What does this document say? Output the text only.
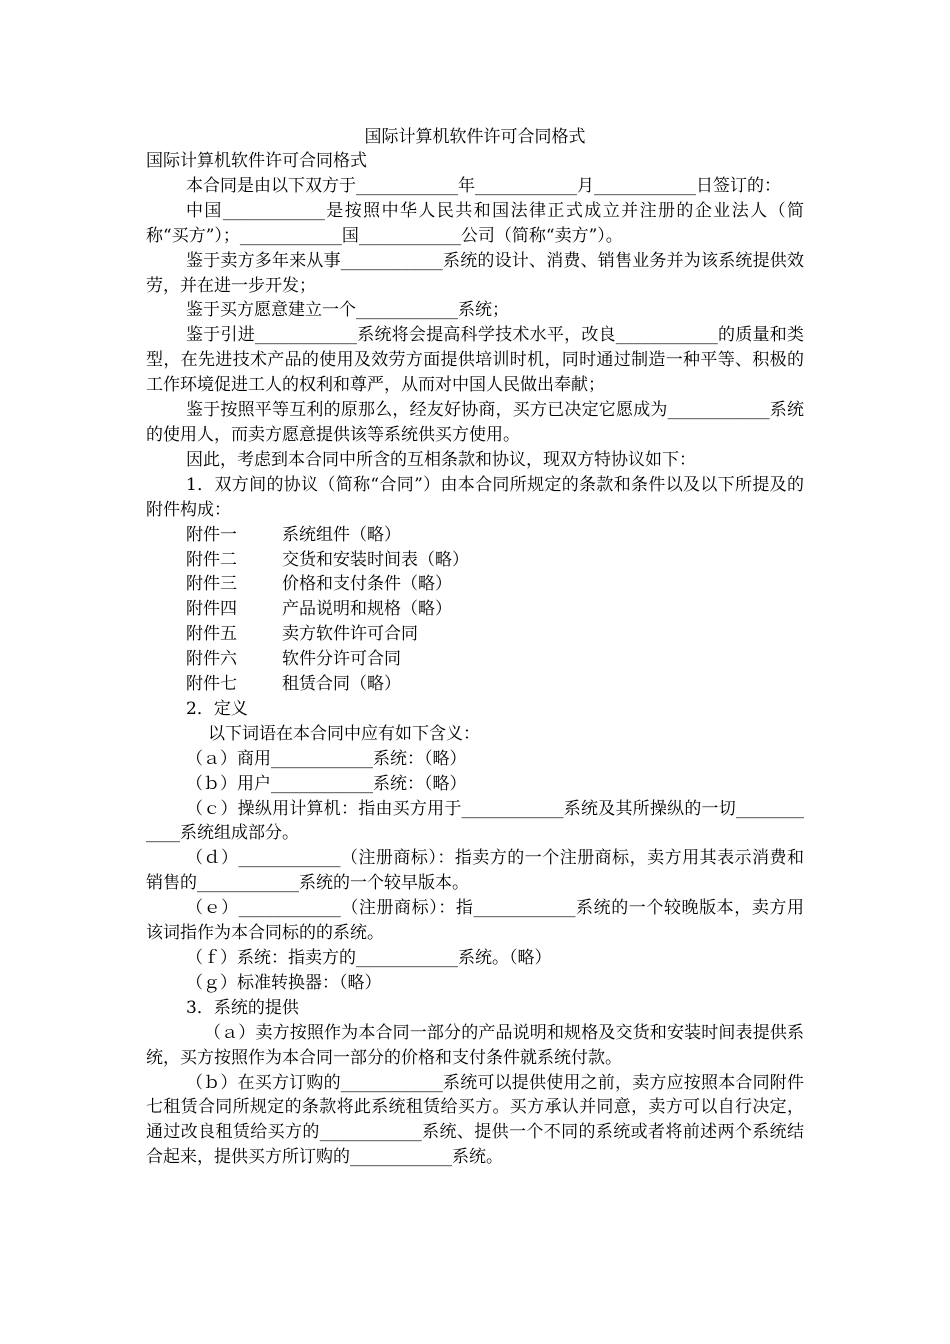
国际计算机软件许可合同格式

国际计算机软件许可合同格式

本合同是由以下双方于____________年____________月____________日签订的：

中国____________是按照中华人民共和国法律正式成立并注册的企业法人（简称“买方”）；____________国____________公司（简称“卖方”）。

鉴于卖方多年来从事____________系统的设计、消费、销售业务并为该系统提供效劳，并在进一步开发；

鉴于买方愿意建立一个____________系统；

鉴于引进____________系统将会提高科学技术水平，改良____________的质量和类型，在先进技术产品的使用及效劳方面提供培训时机，同时通过制造一种平等、积极的工作环境促进工人的权利和尊严，从而对中国人民做出奉献；

鉴于按照平等互利的原那么，经友好协商，买方已决定它愿成为____________系统的使用人，而卖方愿意提供该等系统供买方使用。

因此，考虑到本合同中所含的互相条款和协议，现双方特协议如下：

1．双方间的协议（简称“合同”）由本合同所规定的条款和条件以及以下所提及的附件构成：

附件一	系统组件（略）
附件二	交货和安装时间表（略）
附件三	价格和支付条件（略）
附件四	产品说明和规格（略）
附件五	卖方软件许可合同
附件六	软件分许可合同
附件七	租赁合同（略）

2．定义

以下词语在本合同中应有如下含义：

（ａ）商用____________系统：（略）

（ｂ）用户____________系统：（略）

（ｃ）操纵用计算机：指由买方用于____________系统及其所操纵的一切____________系统组成部分。

（ｄ）____________（注册商标）：指卖方的一个注册商标，卖方用其表示消费和销售的____________系统的一个较早版本。

（ｅ）____________（注册商标）：指____________系统的一个较晚版本，卖方用该词指作为本合同标的的系统。

（ｆ）系统：指卖方的____________系统。（略）

（ｇ）标准转换器：（略）

3．系统的提供

（ａ）卖方按照作为本合同一部分的产品说明和规格及交货和安装时间表提供系统，买方按照作为本合同一部分的价格和支付条件就系统付款。

（ｂ）在买方订购的____________系统可以提供使用之前，卖方应按照本合同附件七租赁合同所规定的条款将此系统租赁给买方。买方承认并同意，卖方可以自行决定，通过改良租赁给买方的____________系统、提供一个不同的系统或者将前述两个系统结合起来，提供买方所订购的____________系统。
